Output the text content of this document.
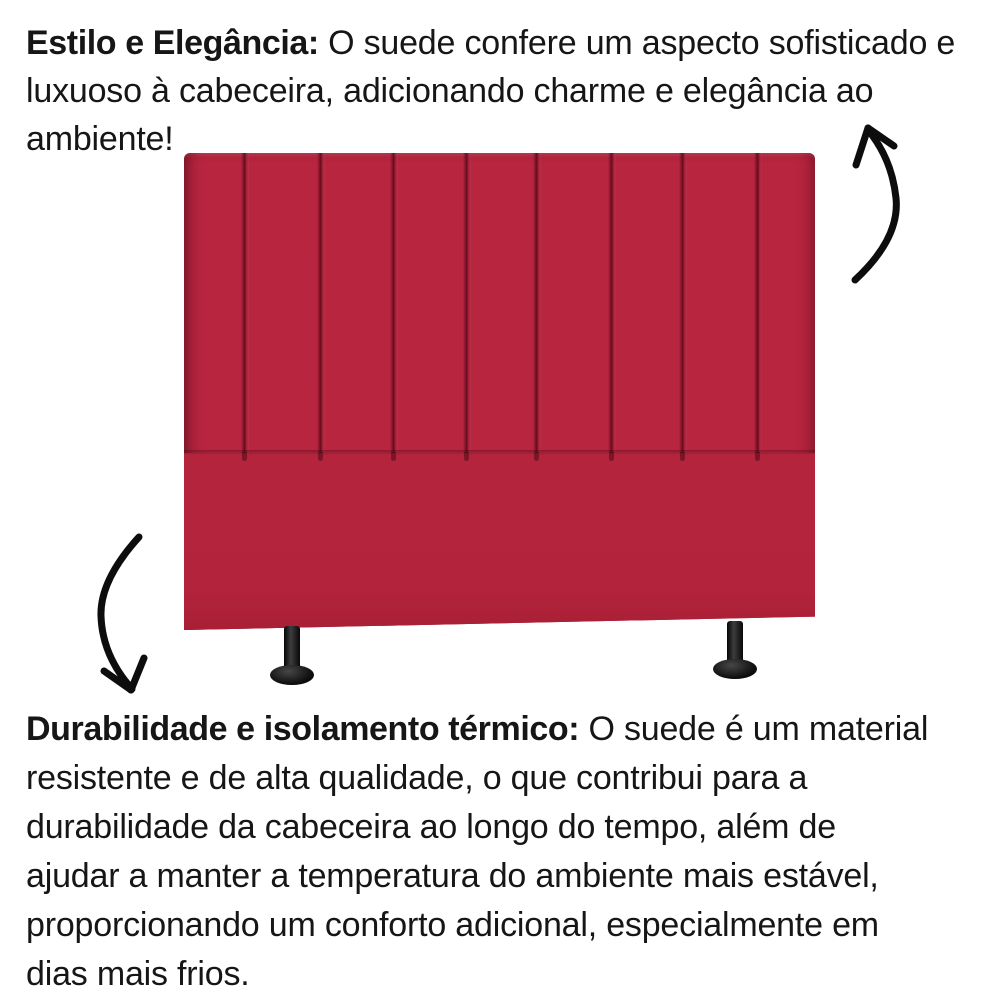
Estilo e Elegância: O suede confere um aspecto sofisticado e
luxuoso à cabeceira, adicionando charme e elegância ao
ambiente!
Durabilidade e isolamento térmico: O suede é um material
resistente e de alta qualidade, o que contribui para a
durabilidade da cabeceira ao longo do tempo, além de
ajudar a manter a temperatura do ambiente mais estável,
proporcionando um conforto adicional, especialmente em
dias mais frios.
